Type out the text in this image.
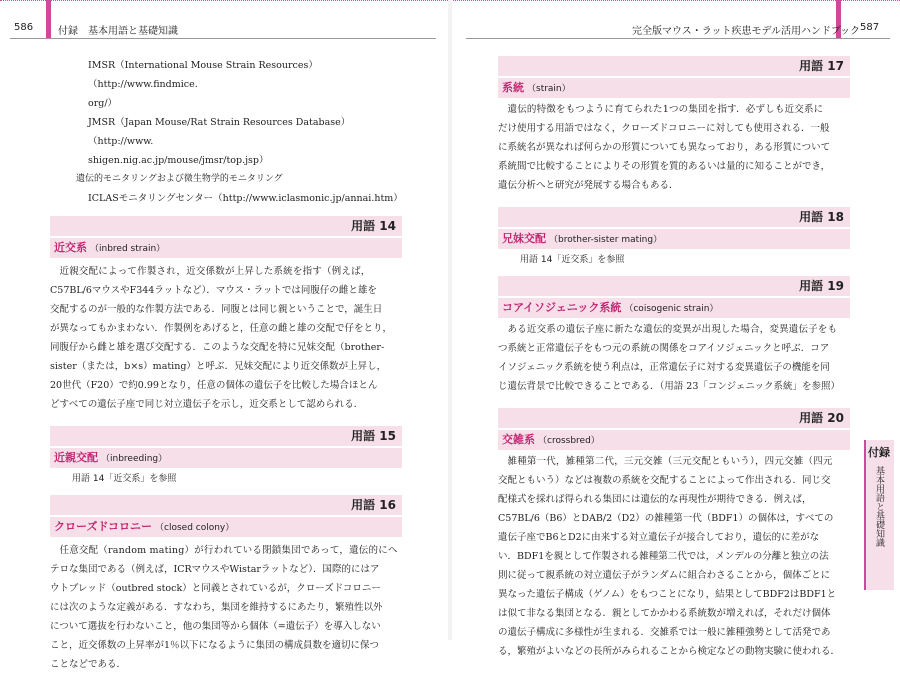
586 付録　基本用語と基礎知識	完全版マウス・ラット疾患モデル活用ハンドブック 587

IMSR（International Mouse Strain Resources）（http://www.findmice.

org/）

JMSR（Japan Mouse/Rat Strain Resources Database）（http://www.

shigen.nig.ac.jp/mouse/jmsr/top.jsp）

遺伝的モニタリングおよび微生物学的モニタリング

ICLASモニタリングセンター（http://www.iclasmonic.jp/annai.htm）

用語 14
近交系 （inbred strain）

近親交配によって作製され，近交係数が上昇した系統を指す（例えば，

C57BL/6マウスやF344ラットなど）．マウス・ラットでは同腹仔の雌と雄を

交配するのが一般的な作製方法である．同腹とは同じ親ということで，誕生日

が異なってもかまわない．作製例をあげると，任意の雌と雄の交配で仔をとり，

同腹仔から雌と雄を選び交配する．このような交配を特に兄妹交配（brother-

sister（または，b×s）mating）と呼ぶ．兄妹交配により近交係数が上昇し，

20世代（F20）で約0.99となり，任意の個体の遺伝子を比較した場合ほとん

どすべての遺伝子座で同じ対立遺伝子を示し，近交系として認められる．

用語 15
近親交配 （inbreeding）

用語 14「近交系」を参照

用語 16
クローズドコロニー （closed colony）

任意交配（random mating）が行われている閉鎖集団であって，遺伝的にヘ

テロな集団である（例えば，ICRマウスやWistarラットなど）．国際的にはア

ウトブレッド（outbred stock）と同義とされているが，クローズドコロニー

には次のような定義がある．すなわち，集団を維持するにあたり，繁殖性以外

について選抜を行わないこと，他の集団等から個体（=遺伝子）を導入しない

こと，近交係数の上昇率が1％以下になるように集団の構成員数を適切に保つ

ことなどである．

用語 17
系統 （strain）

遺伝的特徴をもつように育てられた1つの集団を指す．必ずしも近交系に

だけ使用する用語ではなく，クローズドコロニーに対しても使用される．一般

に系統名が異なれば何らかの形質についても異なっており，ある形質について

系統間で比較することによりその形質を質的あるいは量的に知ることができ，

遺伝分析へと研究が発展する場合もある．

用語 18
兄妹交配 （brother-sister mating）

用語 14「近交系」を参照

用語 19
コアイソジェニック系統 （coisogenic strain）

ある近交系の遺伝子座に新たな遺伝的変異が出現した場合，変異遺伝子をも

つ系統と正常遺伝子をもつ元の系統の関係をコアイソジェニックと呼ぶ．コア

イソジェニック系統を使う利点は，正常遺伝子に対する変異遺伝子の機能を同

じ遺伝背景で比較できることである．（用語 23「コンジェニック系統」を参照）

用語 20
交雑系 （crossbred）

雑種第一代，雑種第二代，三元交雑（三元交配ともいう），四元交雑（四元

交配ともいう）などは複数の系統を交配することによって作出される．同じ交

配様式を採れば得られる集団には遺伝的な再現性が期待できる．例えば，

C57BL/6（B6）とDAB/2（D2）の雑種第一代（BDF1）の個体は，すべての

遺伝子座でB6とD2に由来する対立遺伝子が接合しており，遺伝的に差がな

い．BDF1を親として作製される雑種第二代では，メンデルの分離と独立の法

則に従って親系統の対立遺伝子がランダムに組合わさることから，個体ごとに

異なった遺伝子構成（ゲノム）をもつことになり，結果としてBDF2はBDF1と

は似て非なる集団となる．親としてかかわる系統数が増えれば，それだけ個体

の遺伝子構成に多様性が生まれる．交雑系では一般に雑種強勢として活発であ

る，繁殖がよいなどの長所がみられることから検定などの動物実験に使われる．

付録
基本用語と基礎知識
